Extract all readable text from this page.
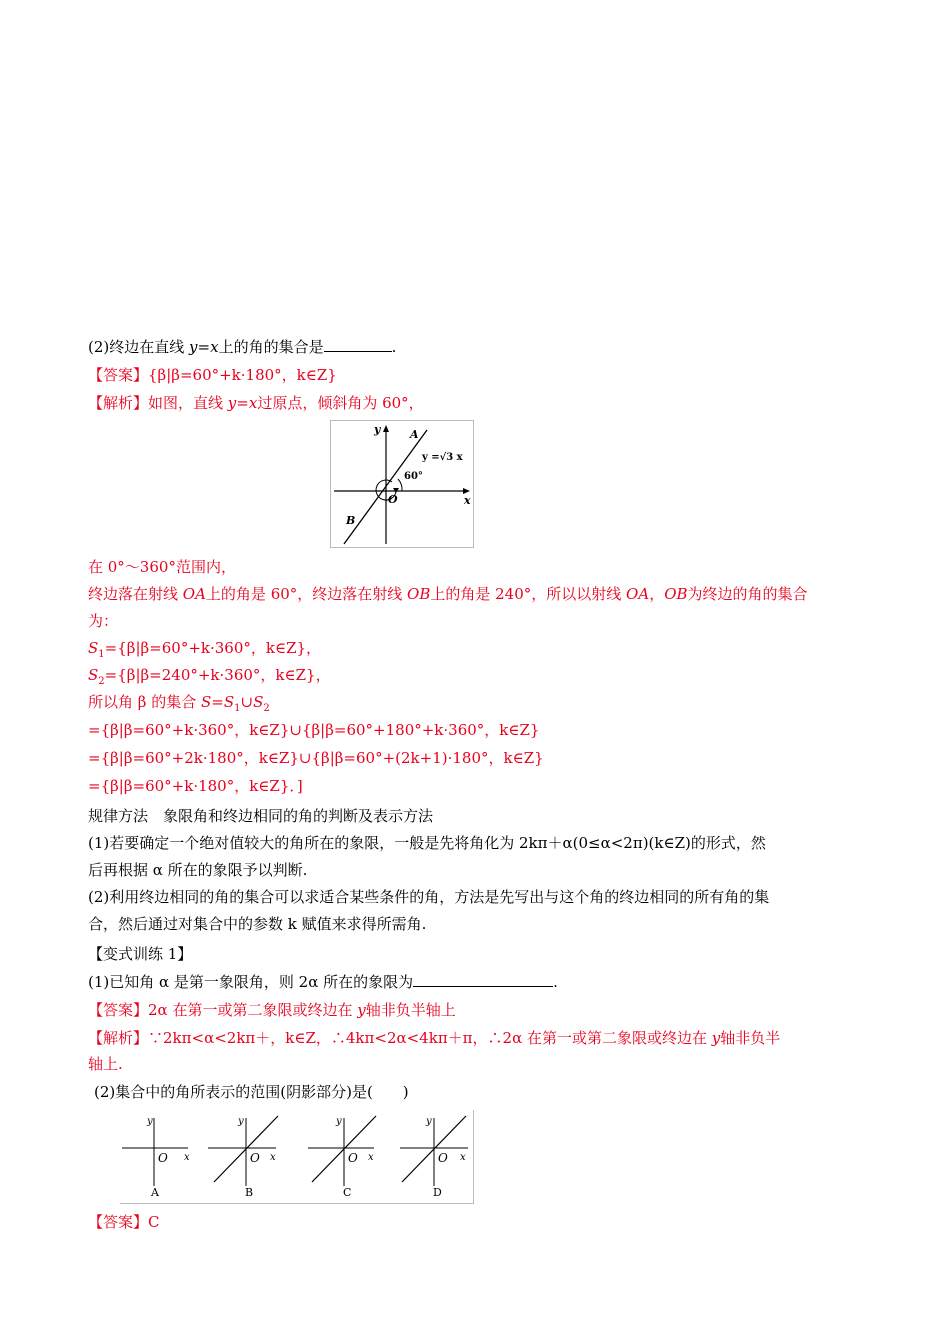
(2)终边在直线 y=x上的角的集合是	.
【答案】{β|β=60°+k·180°，k∈Z}
【解析】如图，直线 y=x过原点，倾斜角为 60°，
y
x
O
A
B
y =√3 x
60°
在 0°～360°范围内，
终边落在射线 OA上的角是 60°，终边落在射线 OB上的角是 240°，所以以射线 OA，OB为终边的角的集合
为：
$S_1=\{\beta|\beta=60^\circ+k\cdot 360^\circ$，k∈Z}，
$S_2=\{\beta|\beta=240^\circ+k\cdot 360^\circ$，k∈Z}，
所以角 β 的集合 $S=S_1\cup S_2$
={β|β=60°+k·360°，k∈Z}∪{β|β=60°+180°+k·360°，k∈Z}
={β|β=60°+2k·180°，k∈Z}∪{β|β=60°+(2k+1)·180°，k∈Z}
={β|β=60°+k·180°，k∈Z}．]
规律方法　象限角和终边相同的角的判断及表示方法
(1)若要确定一个绝对值较大的角所在的象限，一般是先将角化为 2kπ＋α(0≤α<2π)(k∈Z)的形式，然
后再根据 α 所在的象限予以判断.
(2)利用终边相同的角的集合可以求适合某些条件的角，方法是先写出与这个角的终边相同的所有角的集
合，然后通过对集合中的参数 k 赋值来求得所需角.
【变式训练 1】
(1)已知角 α 是第一象限角，则 2α 所在的象限为	.
【答案】2α 在第一或第二象限或终边在 y轴非负半轴上
【解析】∵2kπ<α<2kπ＋，k∈Z，∴4kπ<2α<4kπ＋π，∴2α 在第一或第二象限或终边在 y轴非负半
轴上.
(2)集合中的角所表示的范围(阴影部分)是(　　)
y
x
O
A
y
x
O
B
y
x
O
C
y
x
O
D
【答案】C
